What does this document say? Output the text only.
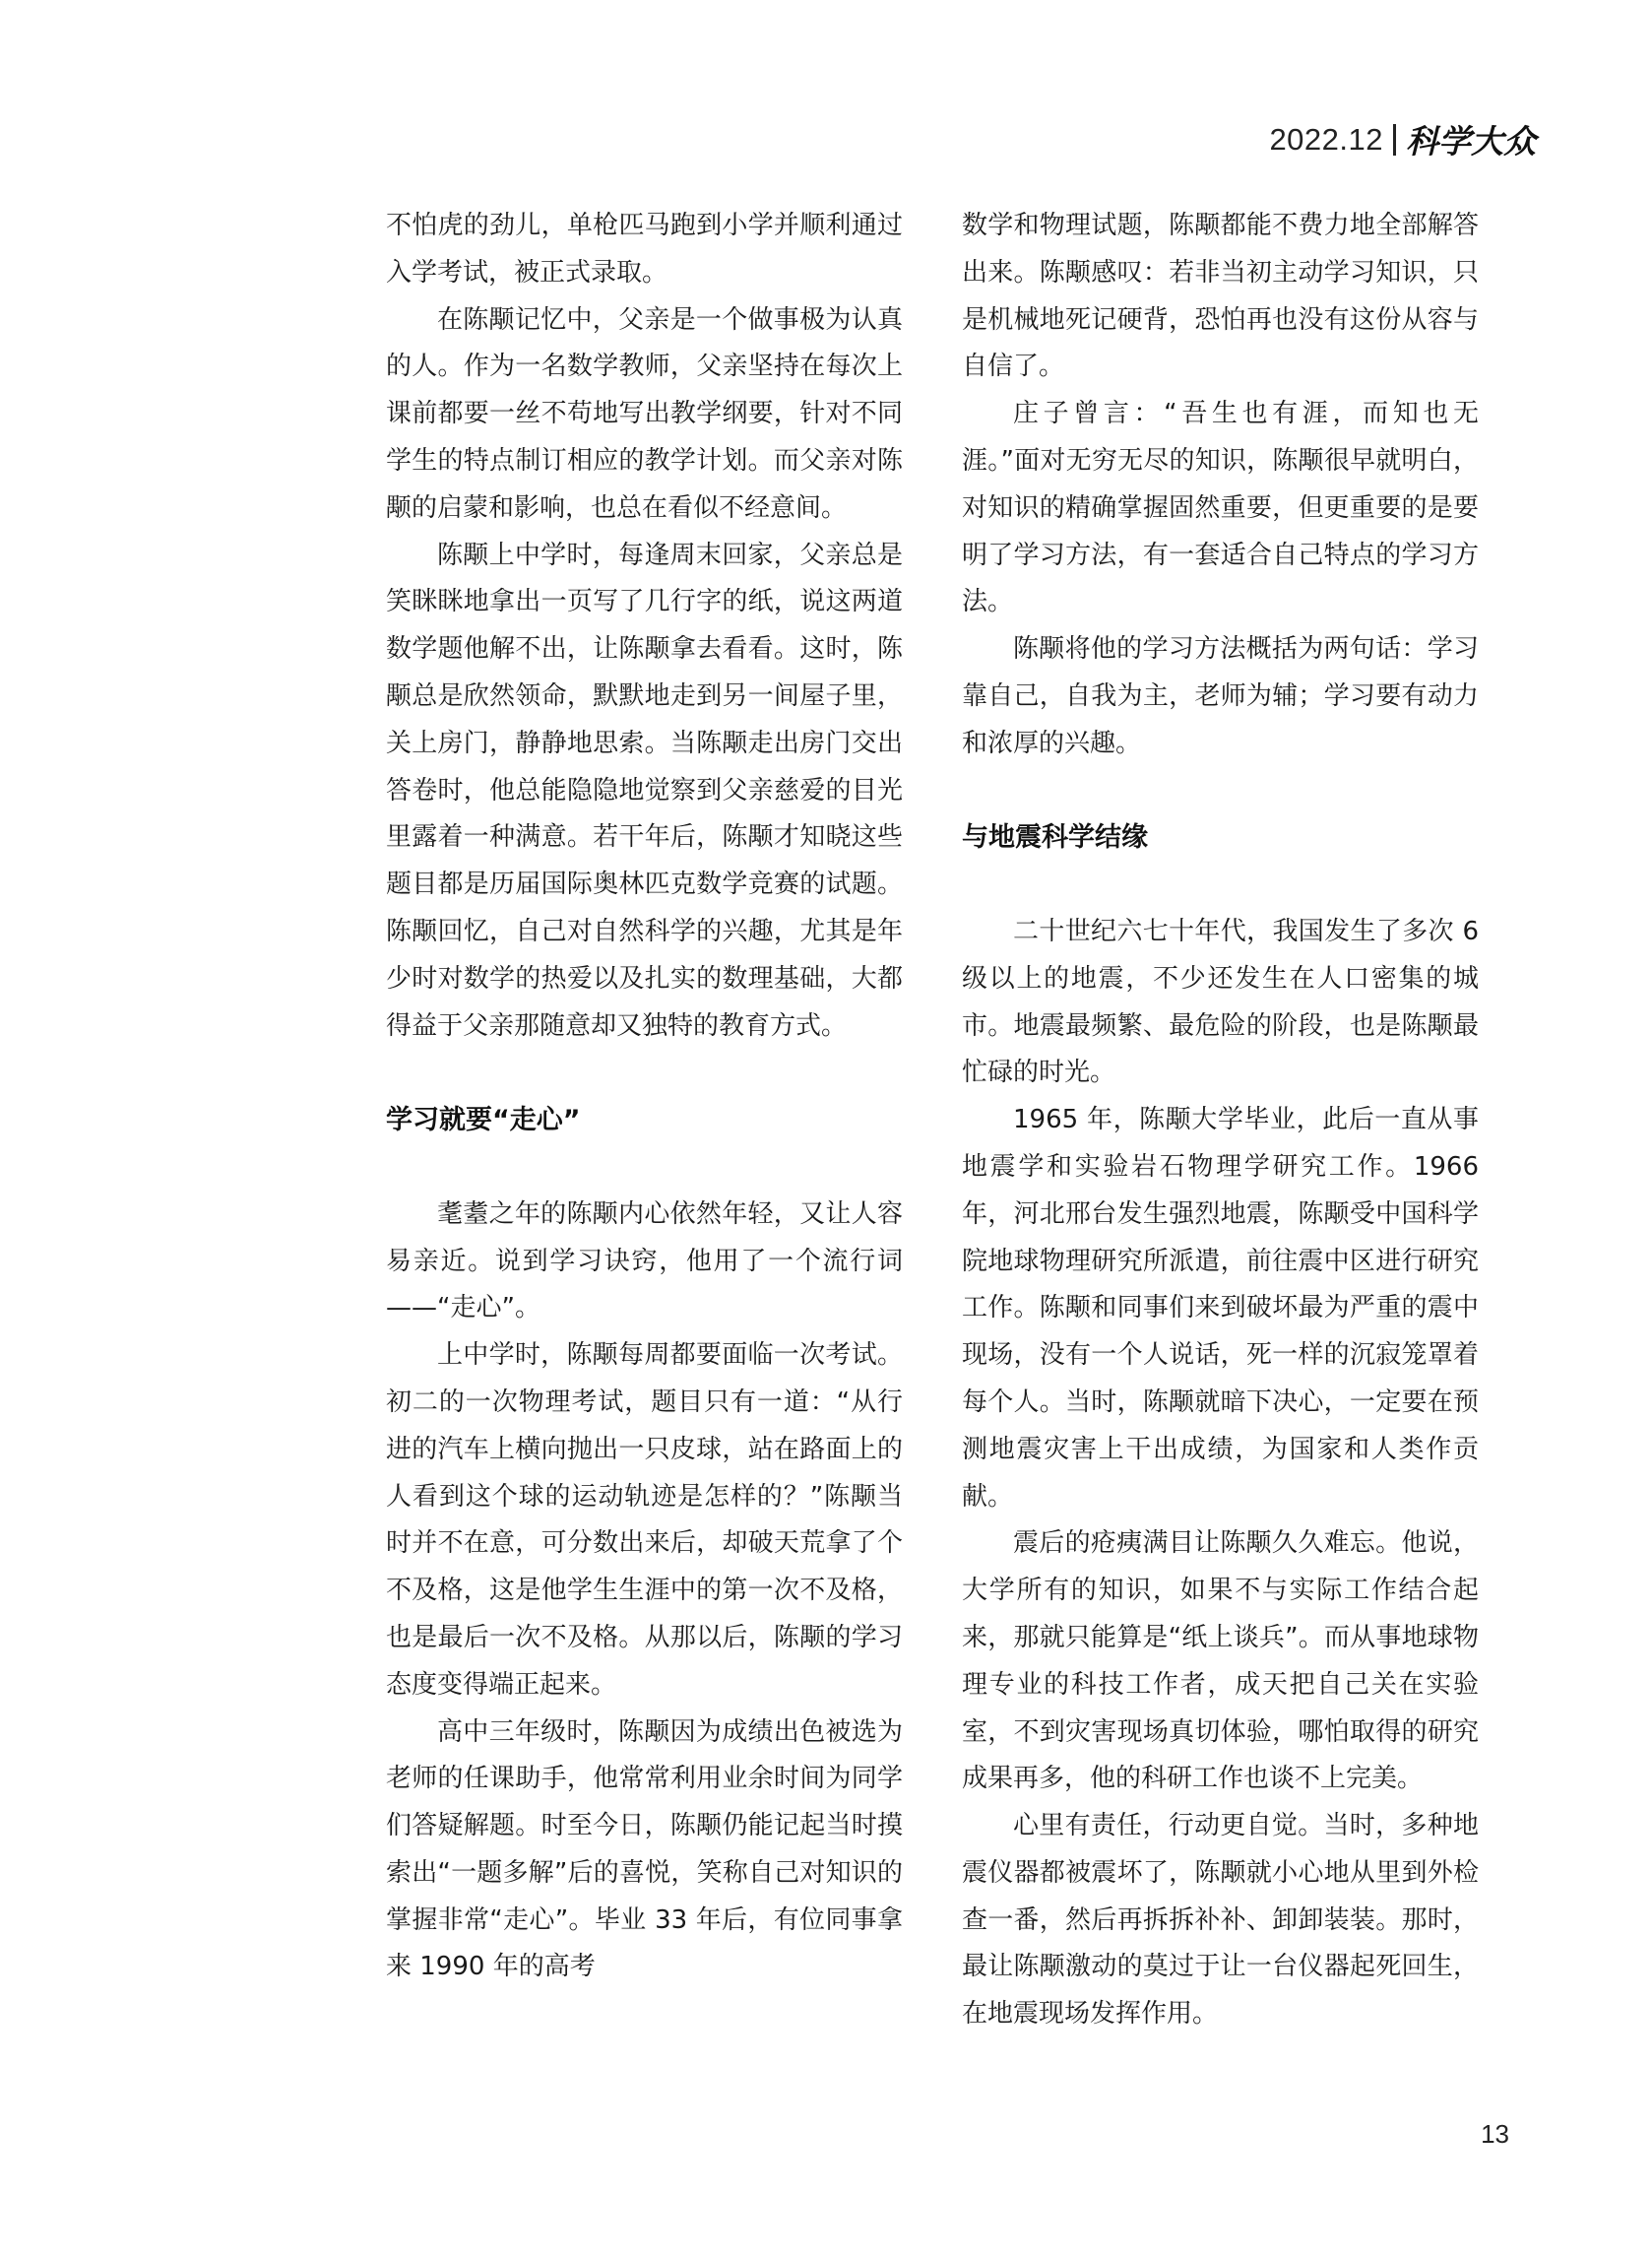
2022.12 科学大众

不怕虎的劲儿，单枪匹马跑到小学并顺利通过入学考试，被正式录取。

在陈颙记忆中，父亲是一个做事极为认真的人。作为一名数学教师，父亲坚持在每次上课前都要一丝不苟地写出教学纲要，针对不同学生的特点制订相应的教学计划。而父亲对陈颙的启蒙和影响，也总在看似不经意间。

陈颙上中学时，每逢周末回家，父亲总是笑眯眯地拿出一页写了几行字的纸，说这两道数学题他解不出，让陈颙拿去看看。这时，陈颙总是欣然领命，默默地走到另一间屋子里，关上房门，静静地思索。当陈颙走出房门交出答卷时，他总能隐隐地觉察到父亲慈爱的目光里露着一种满意。若干年后，陈颙才知晓这些题目都是历届国际奥林匹克数学竞赛的试题。陈颙回忆，自己对自然科学的兴趣，尤其是年少时对数学的热爱以及扎实的数理基础，大都得益于父亲那随意却又独特的教育方式。

学习就要“走心”

耄耋之年的陈颙内心依然年轻，又让人容易亲近。说到学习诀窍，他用了一个流行词——“走心”。

上中学时，陈颙每周都要面临一次考试。初二的一次物理考试，题目只有一道：“从行进的汽车上横向抛出一只皮球，站在路面上的人看到这个球的运动轨迹是怎样的？”陈颙当时并不在意，可分数出来后，却破天荒拿了个不及格，这是他学生生涯中的第一次不及格，也是最后一次不及格。从那以后，陈颙的学习态度变得端正起来。

高中三年级时，陈颙因为成绩出色被选为老师的任课助手，他常常利用业余时间为同学们答疑解题。时至今日，陈颙仍能记起当时摸索出“一题多解”后的喜悦，笑称自己对知识的掌握非常“走心”。毕业 33 年后，有位同事拿来 1990 年的高考

数学和物理试题，陈颙都能不费力地全部解答出来。陈颙感叹：若非当初主动学习知识，只是机械地死记硬背，恐怕再也没有这份从容与自信了。

庄子曾言：“吾生也有涯，而知也无涯。”面对无穷无尽的知识，陈颙很早就明白，对知识的精确掌握固然重要，但更重要的是要明了学习方法，有一套适合自己特点的学习方法。

陈颙将他的学习方法概括为两句话：学习靠自己，自我为主，老师为辅；学习要有动力和浓厚的兴趣。

与地震科学结缘

二十世纪六七十年代，我国发生了多次 6 级以上的地震，不少还发生在人口密集的城市。地震最频繁、最危险的阶段，也是陈颙最忙碌的时光。

1965 年，陈颙大学毕业，此后一直从事地震学和实验岩石物理学研究工作。1966 年，河北邢台发生强烈地震，陈颙受中国科学院地球物理研究所派遣，前往震中区进行研究工作。陈颙和同事们来到破坏最为严重的震中现场，没有一个人说话，死一样的沉寂笼罩着每个人。当时，陈颙就暗下决心，一定要在预测地震灾害上干出成绩，为国家和人类作贡献。

震后的疮痍满目让陈颙久久难忘。他说，大学所有的知识，如果不与实际工作结合起来，那就只能算是“纸上谈兵”。而从事地球物理专业的科技工作者，成天把自己关在实验室，不到灾害现场真切体验，哪怕取得的研究成果再多，他的科研工作也谈不上完美。

心里有责任，行动更自觉。当时，多种地震仪器都被震坏了，陈颙就小心地从里到外检查一番，然后再拆拆补补、卸卸装装。那时，最让陈颙激动的莫过于让一台仪器起死回生，在地震现场发挥作用。

13
